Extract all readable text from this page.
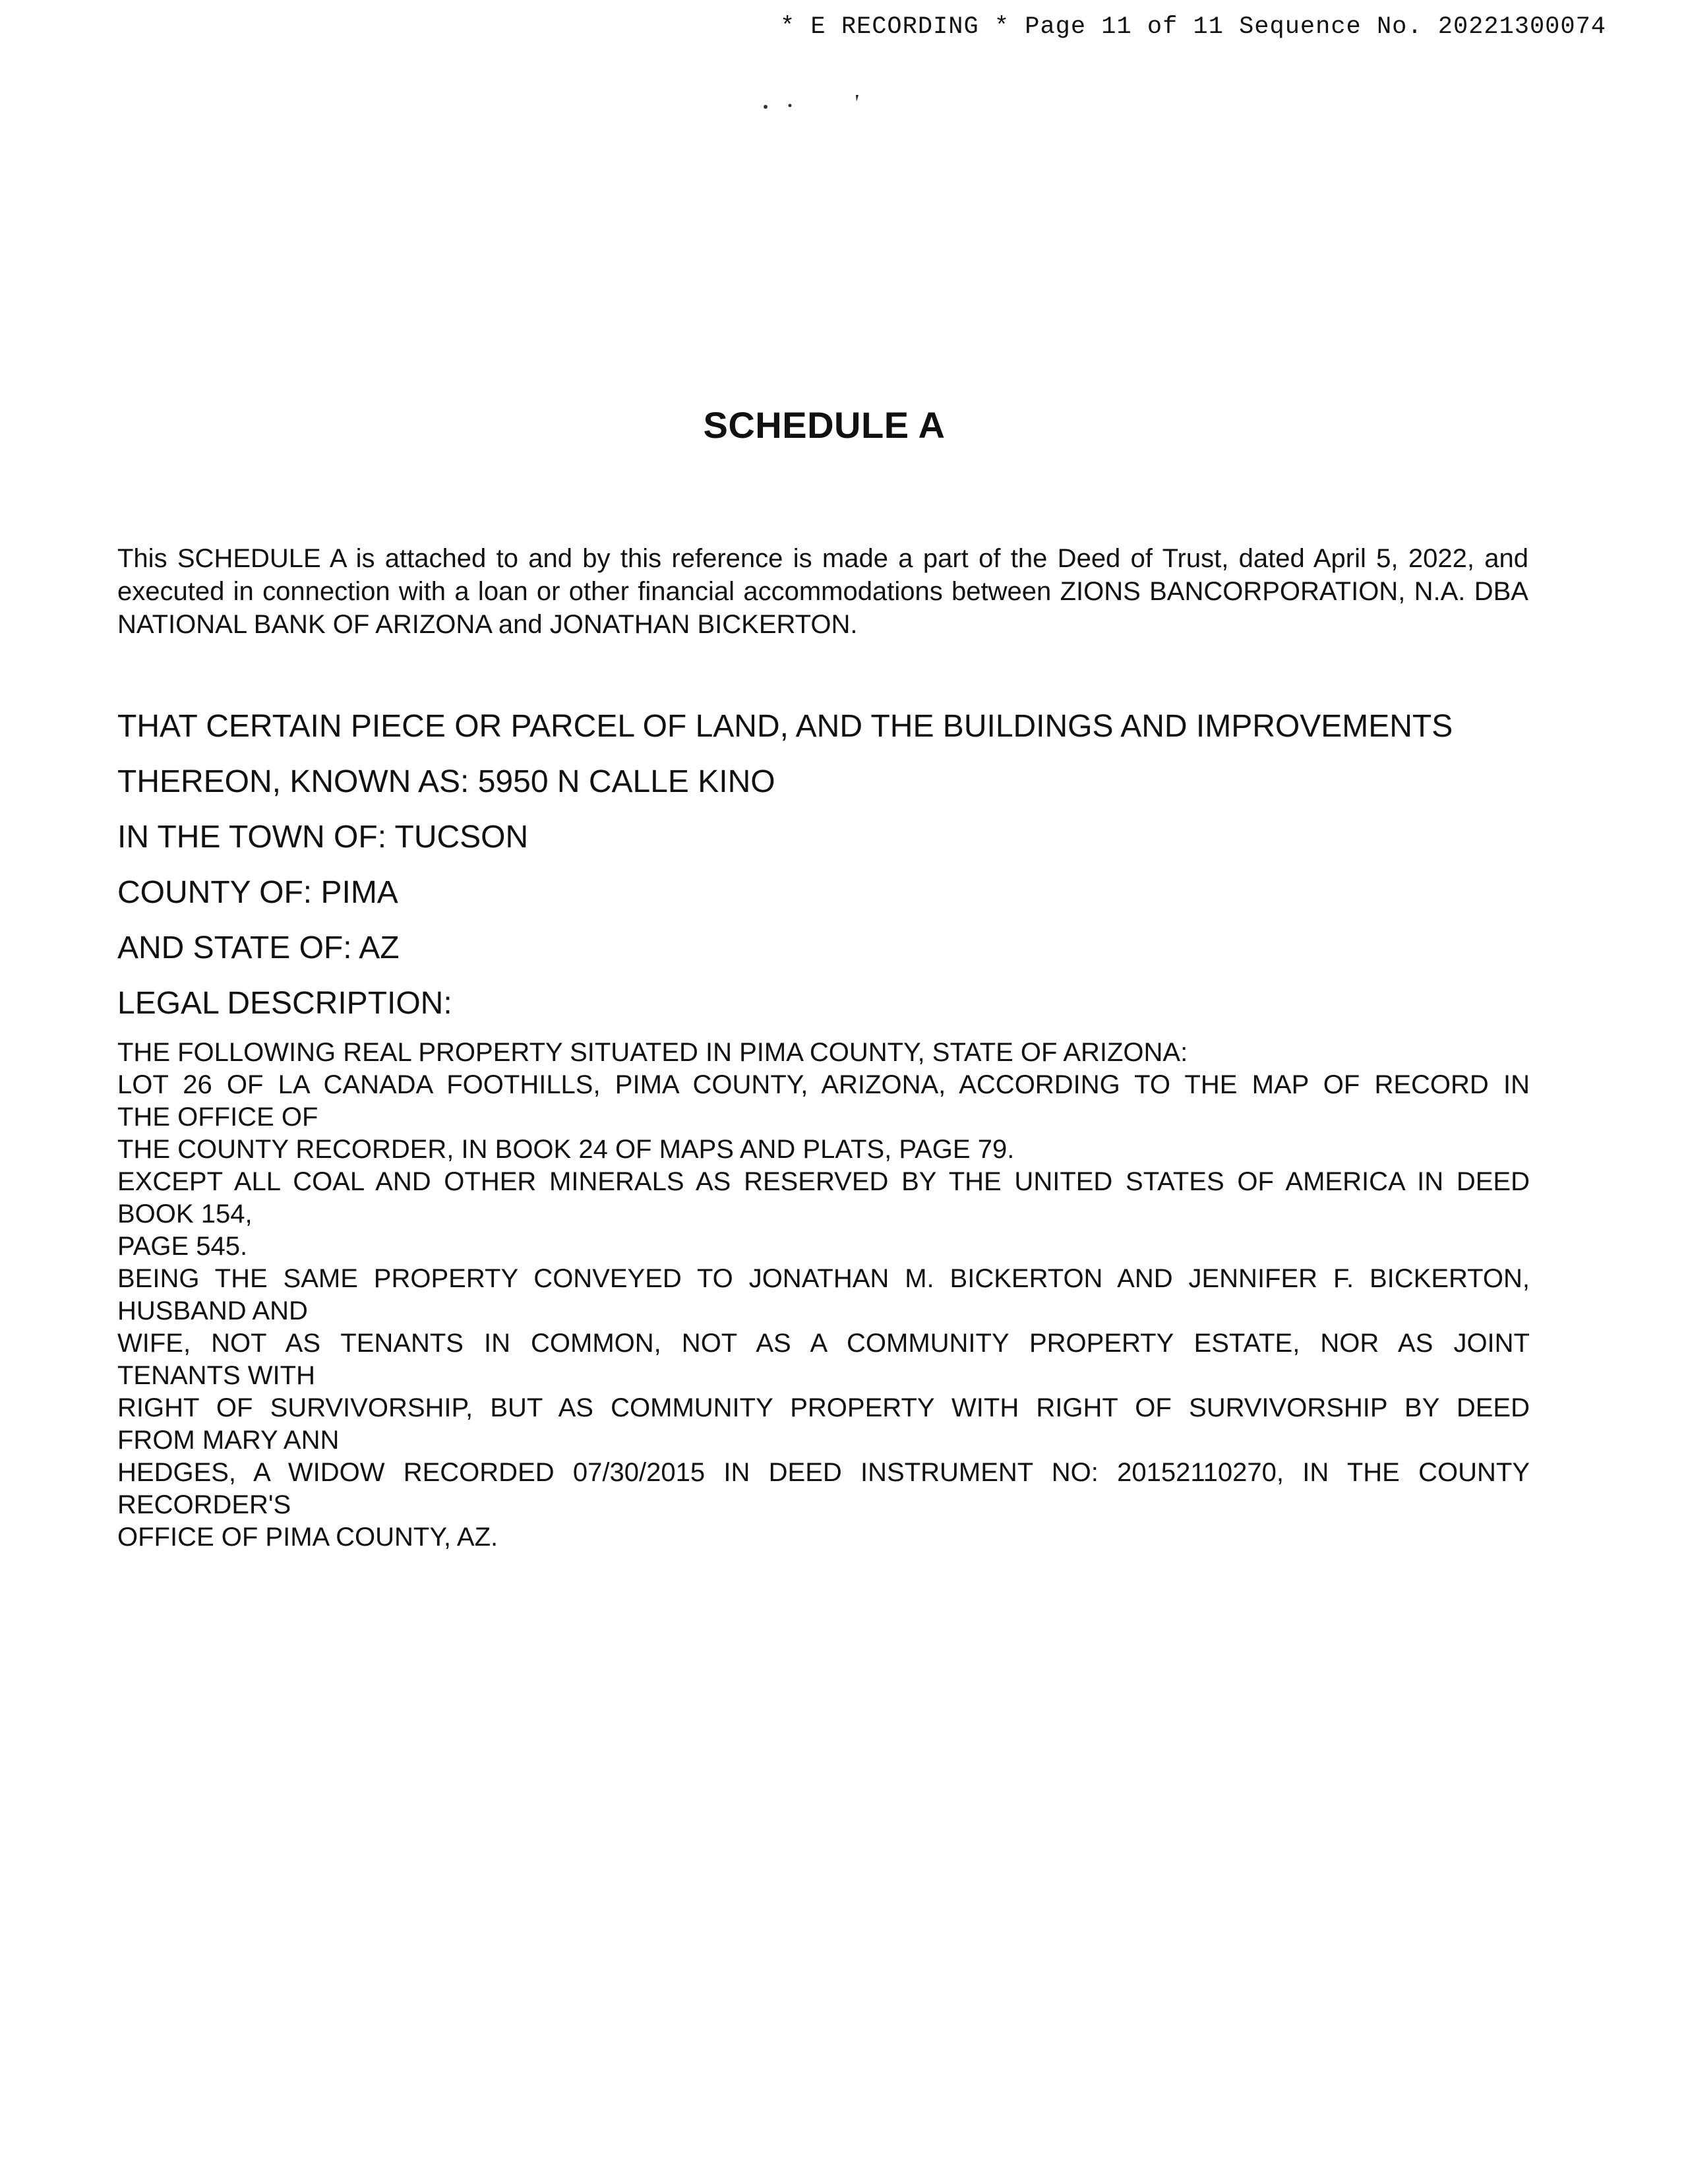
* E RECORDING * Page 11 of 11 Sequence No. 20221300074
SCHEDULE A
This SCHEDULE A is attached to and by this reference is made a part of the Deed of Trust, dated April 5, 2022, and executed in connection with a loan or other financial accommodations between ZIONS BANCORPORATION, N.A. DBA NATIONAL BANK OF ARIZONA and JONATHAN BICKERTON.
THAT CERTAIN PIECE OR PARCEL OF LAND, AND THE BUILDINGS AND IMPROVEMENTS
THEREON, KNOWN AS: 5950 N CALLE KINO
IN THE TOWN OF: TUCSON
COUNTY OF: PIMA
AND STATE OF: AZ
LEGAL DESCRIPTION:
THE FOLLOWING REAL PROPERTY SITUATED IN PIMA COUNTY, STATE OF ARIZONA:
LOT 26 OF LA CANADA FOOTHILLS, PIMA COUNTY, ARIZONA, ACCORDING TO THE MAP OF RECORD IN
THE OFFICE OF
THE COUNTY RECORDER, IN BOOK 24 OF MAPS AND PLATS, PAGE 79.
EXCEPT ALL COAL AND OTHER MINERALS AS RESERVED BY THE UNITED STATES OF AMERICA IN DEED
BOOK 154,
PAGE 545.
BEING THE SAME PROPERTY CONVEYED TO JONATHAN M. BICKERTON AND JENNIFER F. BICKERTON,
HUSBAND AND
WIFE, NOT AS TENANTS IN COMMON, NOT AS A COMMUNITY PROPERTY ESTATE, NOR AS JOINT
TENANTS WITH
RIGHT OF SURVIVORSHIP, BUT AS COMMUNITY PROPERTY WITH RIGHT OF SURVIVORSHIP BY DEED
FROM MARY ANN
HEDGES, A WIDOW RECORDED 07/30/2015 IN DEED INSTRUMENT NO: 20152110270, IN THE COUNTY
RECORDER'S
OFFICE OF PIMA COUNTY, AZ.
